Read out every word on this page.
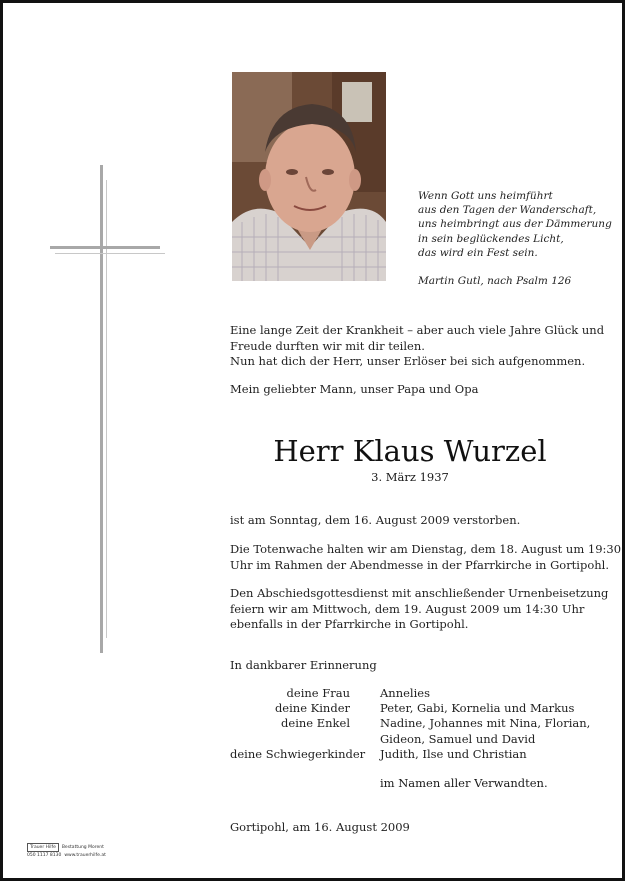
Wenn Gott uns heimführt
aus den Tagen der Wanderschaft,
uns heimbringt aus der Dämmerung
in sein beglückendes Licht,
das wird ein Fest sein.
Martin Gutl, nach Psalm 126
Eine lange Zeit der Krankheit – aber auch viele Jahre Glück und
Freude durften wir mit dir teilen.
Nun hat dich der Herr, unser Erlöser bei sich aufgenommen.
Mein geliebter Mann, unser Papa und Opa
Herr Klaus Wurzel
3. März 1937
ist am Sonntag, dem 16. August 2009 verstorben.
Die Totenwache halten wir am Dienstag, dem 18. August um 19:30
Uhr im Rahmen der Abendmesse in der Pfarrkirche in Gortipohl.
Den Abschiedsgottesdienst mit anschließender Urnenbeisetzung
feiern wir am Mittwoch, dem 19. August 2009 um 14:30 Uhr
ebenfalls in der Pfarrkirche in Gortipohl.
In dankbarer Erinnerung
deine Frau	Annelies
deine Kinder	Peter, Gabi, Kornelia und Markus
deine Enkel	Nadine, Johannes mit Nina, Florian,
Gideon, Samuel und David
deine Schwiegerkinder	Judith, Ilse und Christian
im Namen aller Verwandten.
Gortipohl, am 16. August 2009
Trauer Hilfe	Bestattung Morent
050 1117 8130 www.trauerhilfe.at
